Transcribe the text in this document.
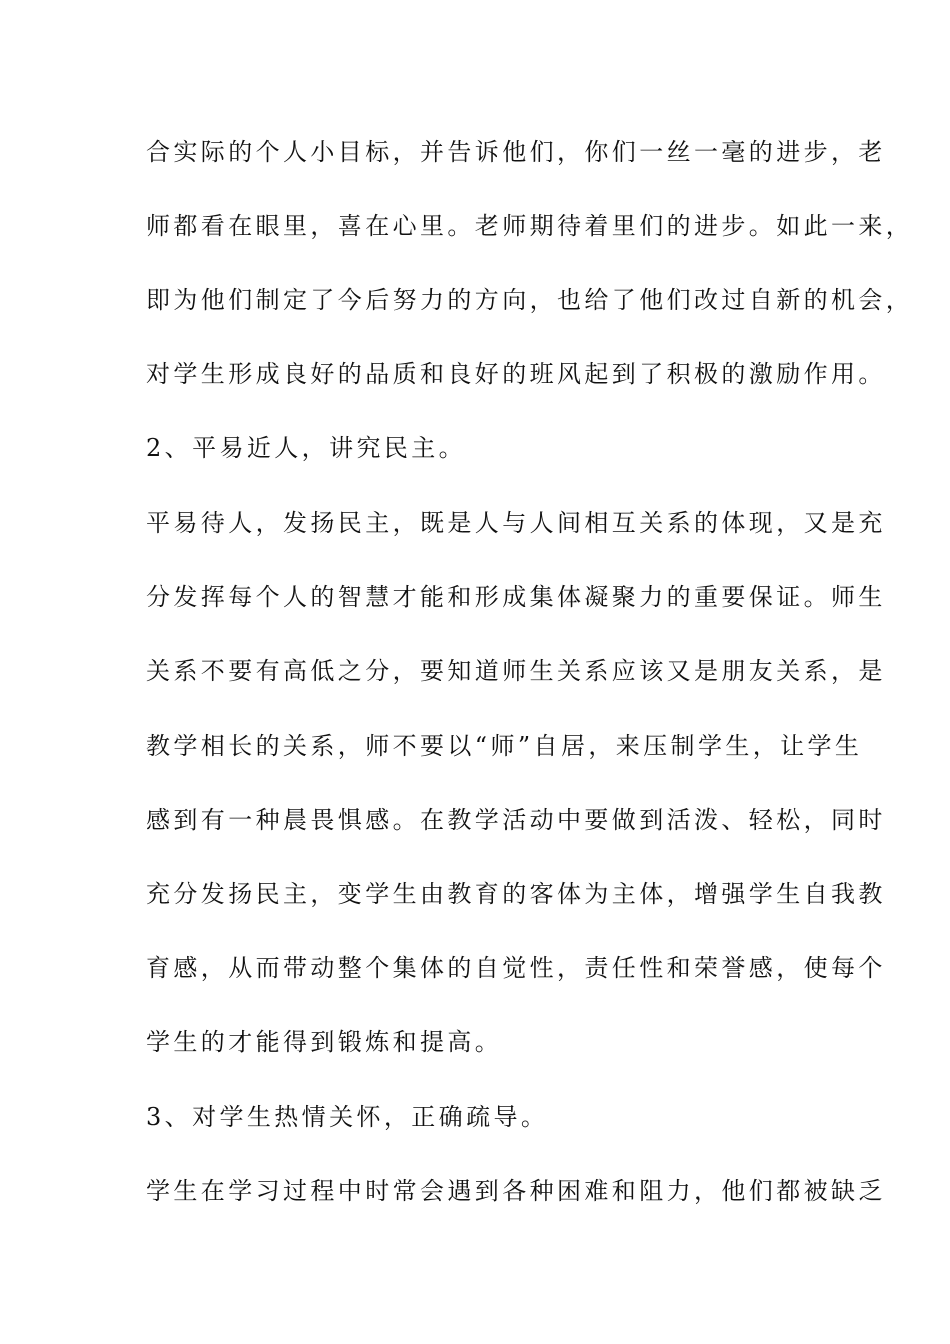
合实际的个人小目标，并告诉他们，你们一丝一毫的进步，老
师都看在眼里，喜在心里。老师期待着里们的进步。如此一来，
即为他们制定了今后努力的方向，也给了他们改过自新的机会，
对学生形成良好的品质和良好的班风起到了积极的激励作用。
2、平易近人，讲究民主。
平易待人，发扬民主，既是人与人间相互关系的体现，又是充
分发挥每个人的智慧才能和形成集体凝聚力的重要保证。师生
关系不要有高低之分，要知道师生关系应该又是朋友关系，是
教学相长的关系，师不要以“师”自居，来压制学生，让学生
感到有一种晨畏惧感。在教学活动中要做到活泼、轻松，同时
充分发扬民主，变学生由教育的客体为主体，增强学生自我教
育感，从而带动整个集体的自觉性，责任性和荣誉感，使每个
学生的才能得到锻炼和提高。
3、对学生热情关怀，正确疏导。
学生在学习过程中时常会遇到各种困难和阻力，他们都被缺乏
